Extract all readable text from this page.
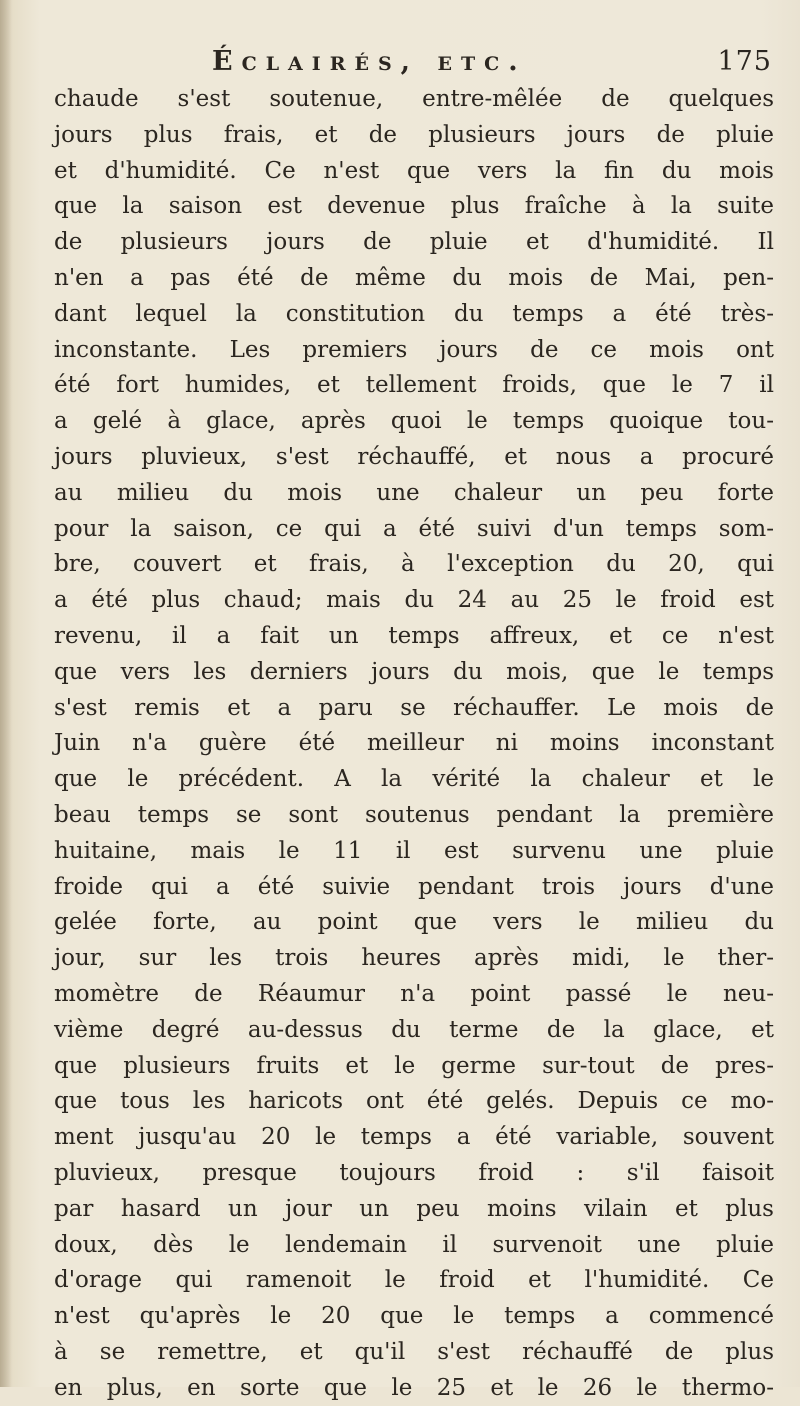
Éclairés, etc.	175
chaude s'est soutenue, entre-mêlée de quelques
jours plus frais, et de plusieurs jours de pluie
et d'humidité. Ce n'est que vers la fin du mois
que la saison est devenue plus fraîche à la suite
de plusieurs jours de pluie et d'humidité. Il
n'en a pas été de même du mois de Mai, pen-
dant lequel la constitution du temps a été très-
inconstante. Les premiers jours de ce mois ont
été fort humides, et tellement froids, que le 7 il
a gelé à glace, après quoi le temps quoique tou-
jours pluvieux, s'est réchauffé, et nous a procuré
au milieu du mois une chaleur un peu forte
pour la saison, ce qui a été suivi d'un temps som-
bre, couvert et frais, à l'exception du 20, qui
a été plus chaud; mais du 24 au 25 le froid est
revenu, il a fait un temps affreux, et ce n'est
que vers les derniers jours du mois, que le temps
s'est remis et a paru se réchauffer. Le mois de
Juin n'a guère été meilleur ni moins inconstant
que le précédent. A la vérité la chaleur et le
beau temps se sont soutenus pendant la première
huitaine, mais le 11 il est survenu une pluie
froide qui a été suivie pendant trois jours d'une
gelée forte, au point que vers le milieu du
jour, sur les trois heures après midi, le ther-
momètre de Réaumur n'a point passé le neu-
vième degré au-dessus du terme de la glace, et
que plusieurs fruits et le germe sur-tout de pres-
que tous les haricots ont été gelés. Depuis ce mo-
ment jusqu'au 20 le temps a été variable, souvent
pluvieux, presque toujours froid : s'il faisoit
par hasard un jour un peu moins vilain et plus
doux, dès le lendemain il survenoit une pluie
d'orage qui ramenoit le froid et l'humidité. Ce
n'est qu'après le 20 que le temps a commencé
à se remettre, et qu'il s'est réchauffé de plus
en plus, en sorte que le 25 et le 26 le thermo-
